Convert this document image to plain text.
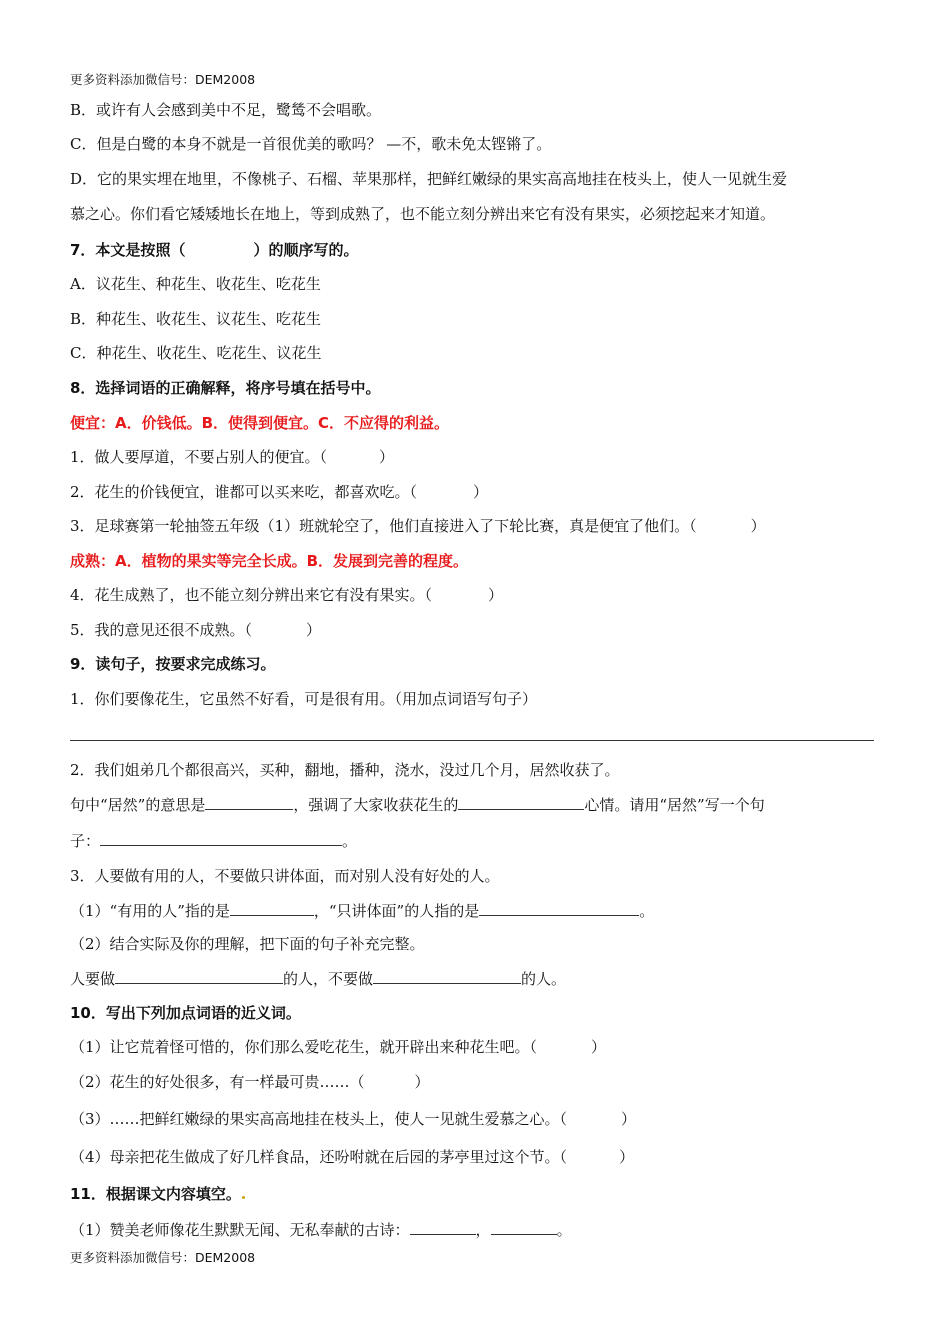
更多资料添加微信号：DEM2008
B．或许有人会感到美中不足，鹭鸶不会唱歌。
C．但是白鹭的本身不就是一首很优美的歌吗？ —不，歌未免太铿锵了。
D．它的果实埋在地里，不像桃子、石榴、苹果那样，把鲜红嫩绿的果实高高地挂在枝头上，使人一见就生爱
慕之心。你们看它矮矮地长在地上，等到成熟了，也不能立刻分辨出来它有没有果实，必须挖起来才知道。
7．本文是按照（	）的顺序写的。
A．议花生、种花生、收花生、吃花生
B．种花生、收花生、议花生、吃花生
C．种花生、收花生、吃花生、议花生
8．选择词语的正确解释，将序号填在括号中。
便宜：A．价钱低。B．使得到便宜。C．不应得的利益。
1．做人要厚道，不要占别人的便宜。（	）
2．花生的价钱便宜，谁都可以买来吃，都喜欢吃。（	）
3．足球赛第一轮抽签五年级（1）班就轮空了，他们直接进入了下轮比赛，真是便宜了他们。（	）
成熟：A．植物的果实等完全长成。B．发展到完善的程度。
4．花生成熟了，也不能立刻分辨出来它有没有果实。（	）
5．我的意见还很不成熟。（	）
9．读句子，按要求完成练习。
1．你们要像花生，它虽然不好看，可是很有用。（用加点词语写句子）
2．我们姐弟几个都很高兴，买种，翻地，播种，浇水，没过几个月，居然收获了。
句中“居然”的意思是	，强调了大家收获花生的	心情。请用“居然”写一个句
子：	。
3．人要做有用的人，不要做只讲体面，而对别人没有好处的人。
（1）“有用的人”指的是	，“只讲体面”的人指的是	。
（2）结合实际及你的理解，把下面的句子补充完整。
人要做	的人，不要做	的人。
10．写出下列加点词语的近义词。
（1）让它荒着怪可惜的，你们那么爱吃花生，就开辟出来种花生吧。（	）
（2）花生的好处很多，有一样最可贵……（	）
（3）……把鲜红嫩绿的果实高高地挂在枝头上，使人一见就生爱慕之心。（	）
（4）母亲把花生做成了好几样食品，还吩咐就在后园的茅亭里过这个节。（	）
11．根据课文内容填空。
（1）赞美老师像花生默默无闻、无私奉献的古诗：	，	。
更多资料添加微信号：DEM2008
